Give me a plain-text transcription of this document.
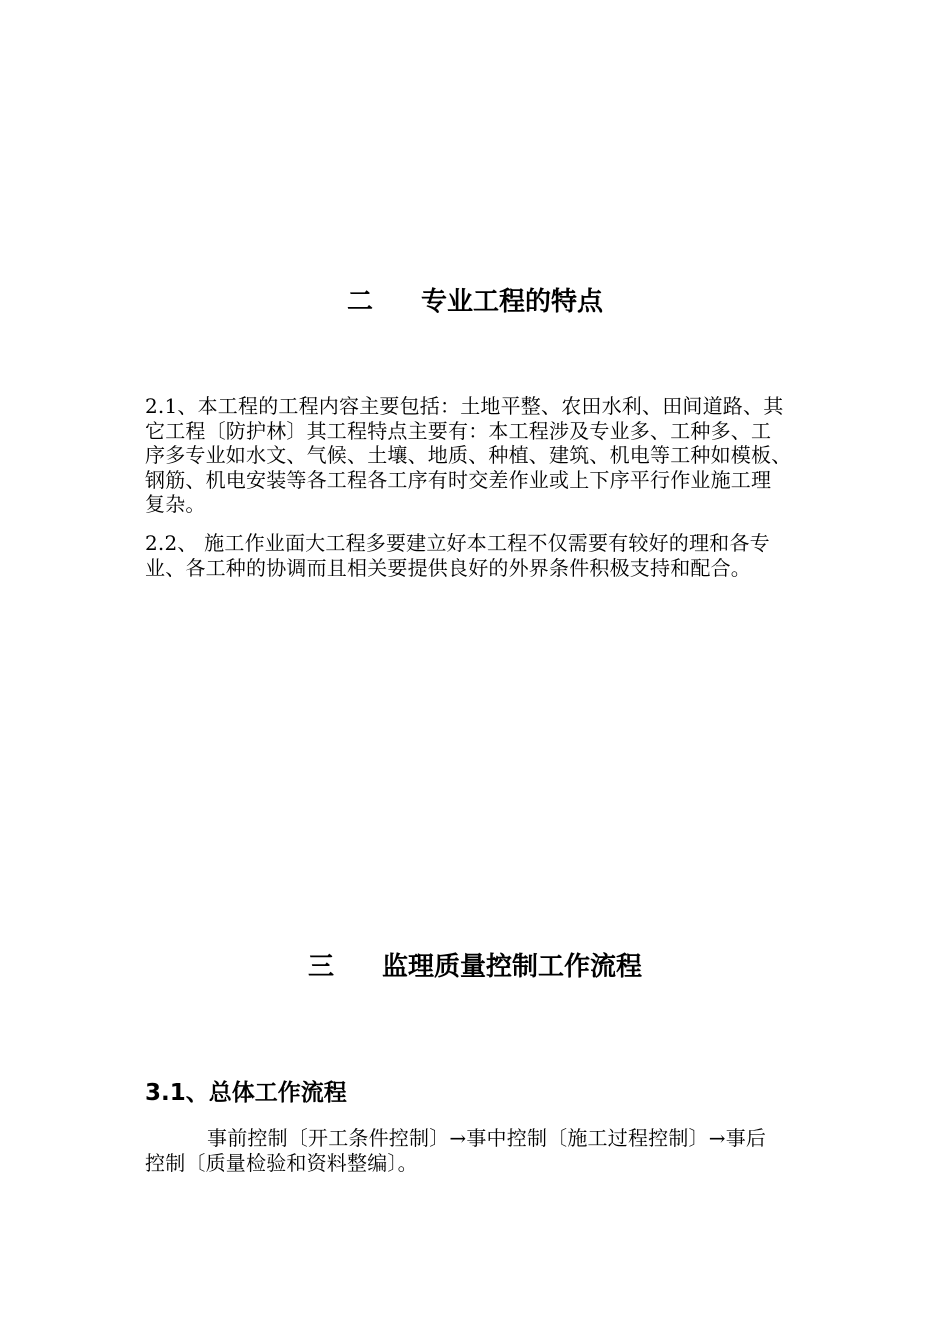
二 专业工程的特点
2.1、本工程的工程内容主要包括：土地平整、农田水利、田间道路、其
它工程〔防护林〕其工程特点主要有：本工程涉及专业多、工种多、工
序多专业如水文、气候、土壤、地质、种植、建筑、机电等工种如模板、
钢筋、机电安装等各工程各工序有时交差作业或上下序平行作业施工理
复杂。
2.2、 施工作业面大工程多要建立好本工程不仅需要有较好的理和各专
业、各工种的协调而且相关要提供良好的外界条件积极支持和配合。
三 监理质量控制工作流程
3.1、总体工作流程
事前控制〔开工条件控制〕→事中控制〔施工过程控制〕→事后
控制〔质量检验和资料整编〕。
